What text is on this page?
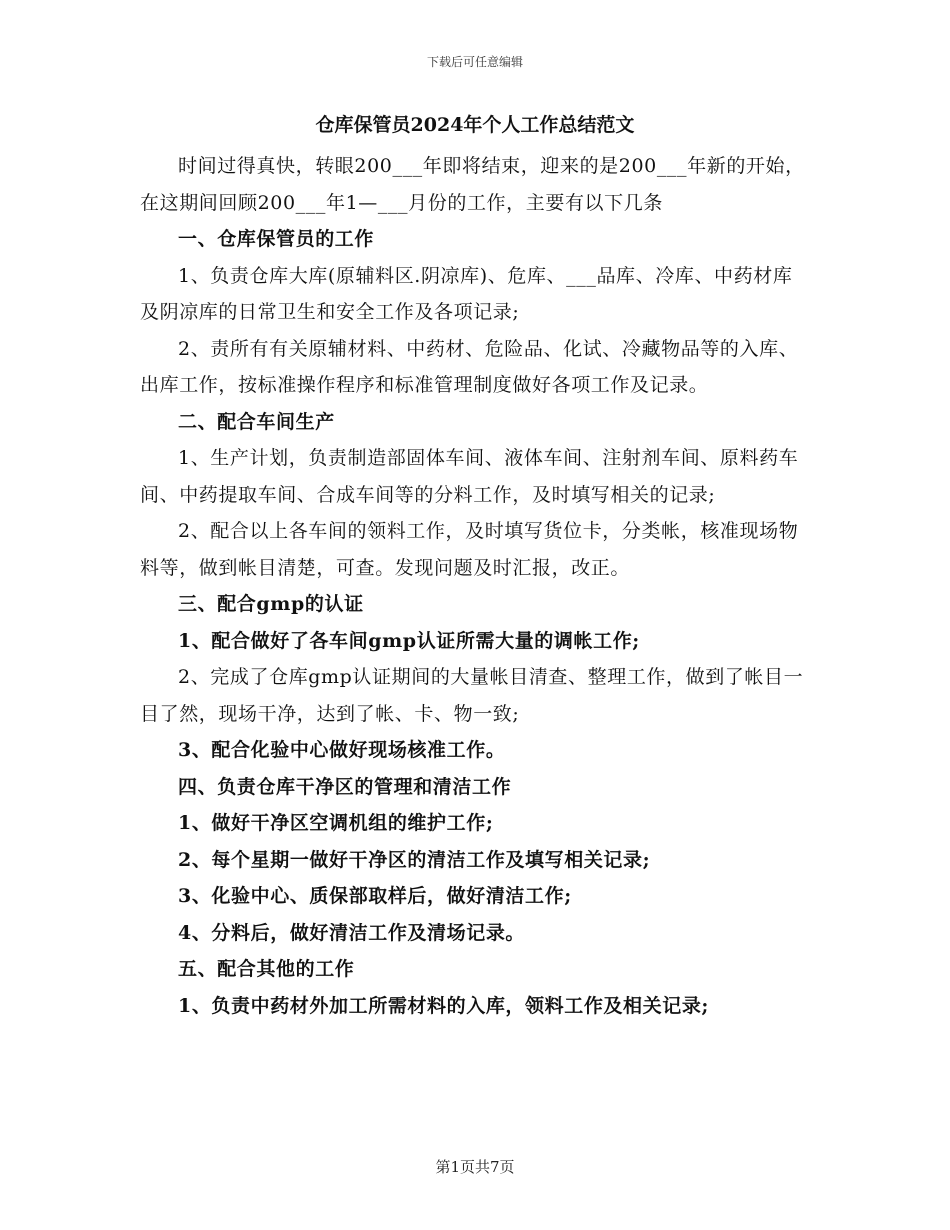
下载后可任意编辑
仓库保管员2024年个人工作总结范文

时间过得真快，转眼200___年即将结束，迎来的是200___年新的开始，在这期间回顾200___年1—___月份的工作，主要有以下几条

一、仓库保管员的工作

1、负责仓库大库(原辅料区.阴凉库)、危库、___品库、冷库、中药材库及阴凉库的日常卫生和安全工作及各项记录;

2、责所有有关原辅材料、中药材、危险品、化试、冷藏物品等的入库、出库工作，按标准操作程序和标准管理制度做好各项工作及记录。

二、配合车间生产

1、生产计划，负责制造部固体车间、液体车间、注射剂车间、原料药车间、中药提取车间、合成车间等的分料工作，及时填写相关的记录;

2、配合以上各车间的领料工作，及时填写货位卡，分类帐，核准现场物料等，做到帐目清楚，可查。发现问题及时汇报，改正。

三、配合gmp的认证

1、配合做好了各车间gmp认证所需大量的调帐工作;

2、完成了仓库gmp认证期间的大量帐目清查、整理工作，做到了帐目一目了然，现场干净，达到了帐、卡、物一致;

3、配合化验中心做好现场核准工作。

四、负责仓库干净区的管理和清洁工作

1、做好干净区空调机组的维护工作;

2、每个星期一做好干净区的清洁工作及填写相关记录;

3、化验中心、质保部取样后，做好清洁工作;

4、分料后，做好清洁工作及清场记录。

五、配合其他的工作

1、负责中药材外加工所需材料的入库，领料工作及相关记录;

第1页共7页
